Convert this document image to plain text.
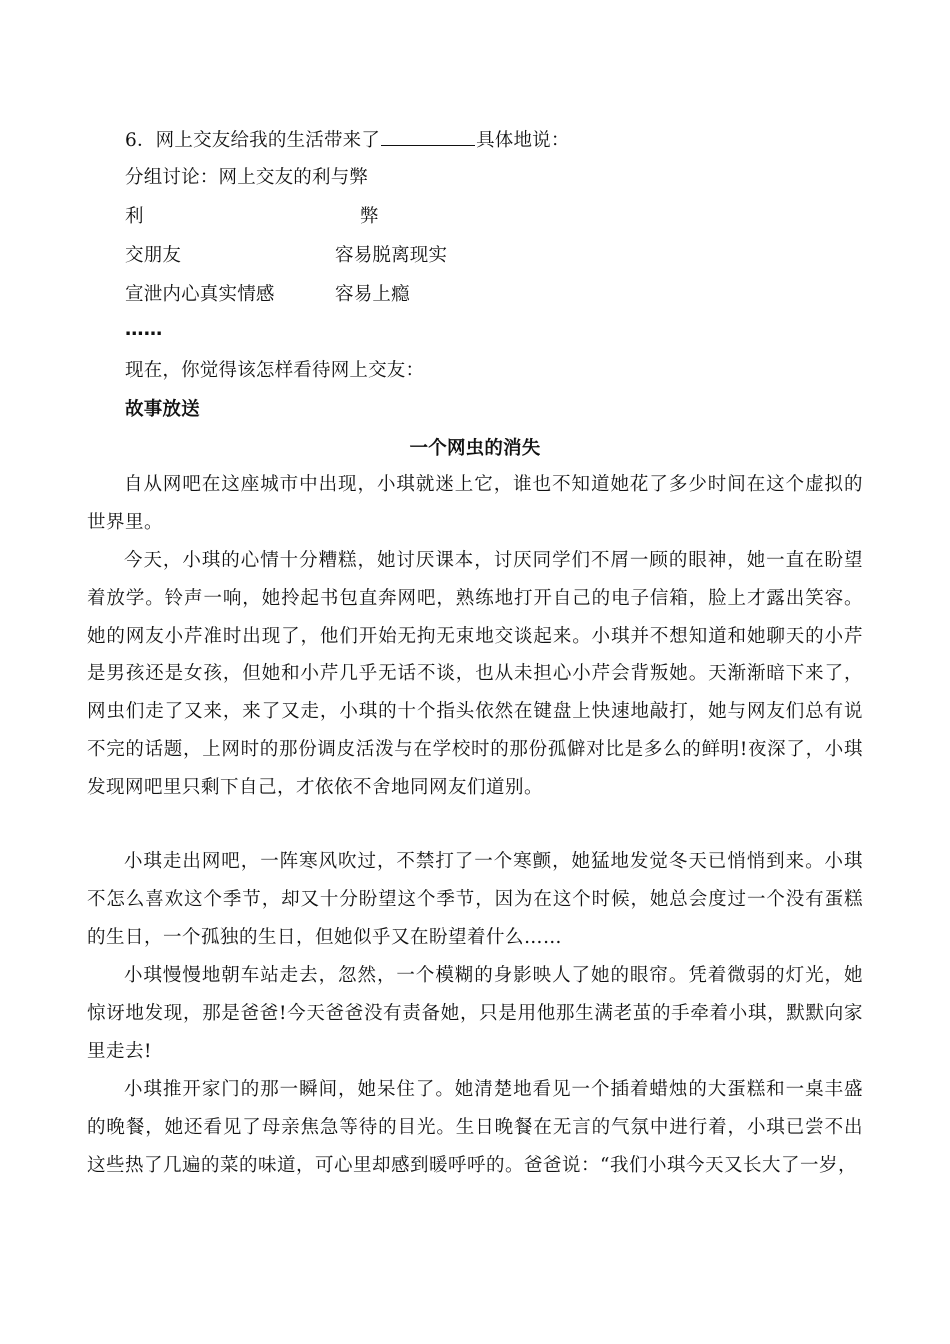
6．网上交友给我的生活带来了	具体地说：
分组讨论：网上交友的利与弊
利	弊
交朋友	容易脱离现实
宣泄内心真实情感	容易上瘾
……
现在，你觉得该怎样看待网上交友：
故事放送
一个网虫的消失
自从网吧在这座城市中出现，小琪就迷上它，谁也不知道她花了多少时间在这个虚拟的世界里。
今天，小琪的心情十分糟糕，她讨厌课本，讨厌同学们不屑一顾的眼神，她一直在盼望着放学。铃声一响，她拎起书包直奔网吧，熟练地打开自己的电子信箱，脸上才露出笑容。她的网友小芹准时出现了，他们开始无拘无束地交谈起来。小琪并不想知道和她聊天的小芹是男孩还是女孩，但她和小芹几乎无话不谈，也从未担心小芹会背叛她。天渐渐暗下来了，网虫们走了又来，来了又走，小琪的十个指头依然在键盘上快速地敲打，她与网友们总有说不完的话题，上网时的那份调皮活泼与在学校时的那份孤僻对比是多么的鲜明!夜深了，小琪发现网吧里只剩下自己，才依依不舍地同网友们道别。
小琪走出网吧，一阵寒风吹过，不禁打了一个寒颤，她猛地发觉冬天已悄悄到来。小琪不怎么喜欢这个季节，却又十分盼望这个季节，因为在这个时候，她总会度过一个没有蛋糕的生日，一个孤独的生日，但她似乎又在盼望着什么……
小琪慢慢地朝车站走去，忽然，一个模糊的身影映人了她的眼帘。凭着微弱的灯光，她惊讶地发现，那是爸爸!今天爸爸没有责备她，只是用他那生满老茧的手牵着小琪，默默向家里走去!
小琪推开家门的那一瞬间，她呆住了。她清楚地看见一个插着蜡烛的大蛋糕和一桌丰盛的晚餐，她还看见了母亲焦急等待的目光。生日晚餐在无言的气氛中进行着，小琪已尝不出这些热了几遍的菜的味道，可心里却感到暖呼呼的。爸爸说：“我们小琪今天又长大了一岁，
